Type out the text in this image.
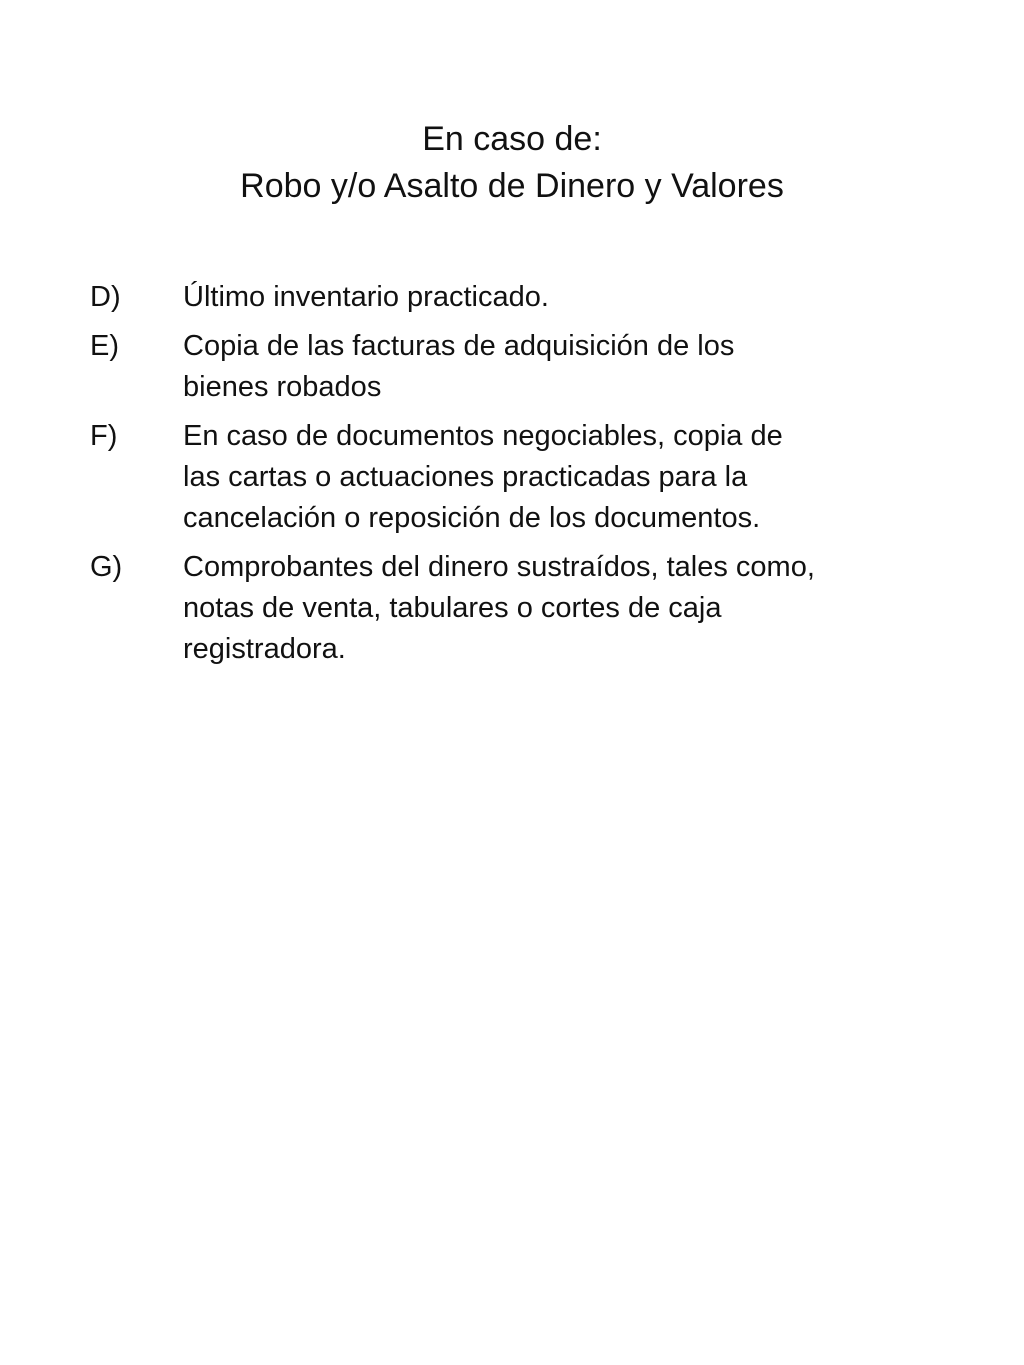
En caso de:
Robo y/o Asalto de Dinero y Valores
D)	Último inventario practicado.
E)	Copia de las facturas de adquisición de los
bienes robados
F)	En caso de documentos negociables, copia de
las cartas o actuaciones practicadas para la
cancelación o reposición de los documentos.
G)	Comprobantes del dinero sustraídos, tales como,
notas de venta, tabulares o cortes de caja
registradora.
